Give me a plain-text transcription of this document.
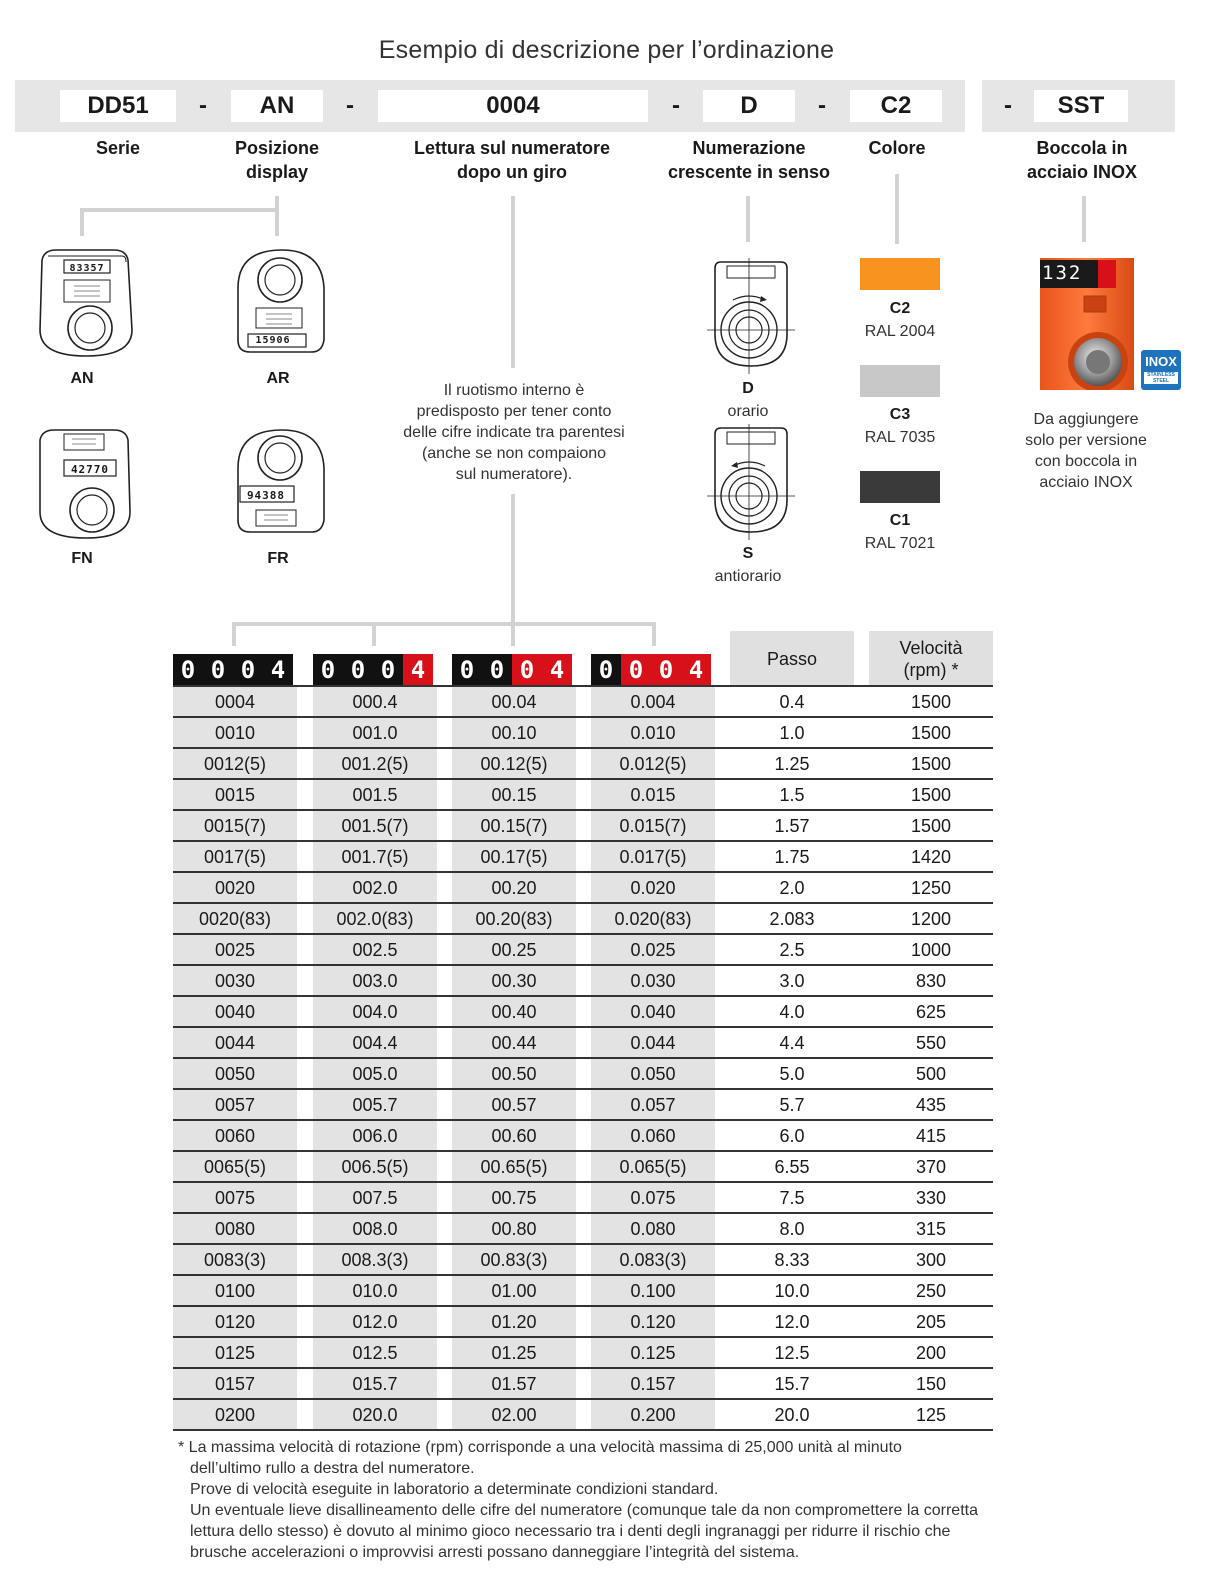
Esempio di descrizione per l’ordinazione
DD51	-	AN	-	0004	-	D	-	C2	-	SST
Serie	Posizione
display
Lettura sul numeratore
dopo un giro
Numerazione
crescente in senso
Colore	Boccola in
acciaio INOX
83357
AN
15906
AR
42770
FN
94388
FR
Il ruotismo interno è
predisposto per tener conto
delle cifre indicate tra parentesi
(anche se non compaiono
sul numeratore).
D
orario
S
antiorario
C2
RAL 2004
C3
RAL 7035
C1
RAL 7021
132
INOX
STAINLESS STEEL
Da aggiungere
solo per versione
con boccola in
acciaio INOX
0 0 0 4	0 0 0 4	0 0 0 4	0 0 0 4	Passo
Velocità
(rpm) *
0004	000.4	00.04	0.004	0.4	1500
0010	001.0	00.10	0.010	1.0	1500
0012(5)	001.2(5)	00.12(5)	0.012(5)	1.25	1500
0015	001.5	00.15	0.015	1.5	1500
0015(7)	001.5(7)	00.15(7)	0.015(7)	1.57	1500
0017(5)	001.7(5)	00.17(5)	0.017(5)	1.75	1420
0020	002.0	00.20	0.020	2.0	1250
0020(83)	002.0(83)	00.20(83)	0.020(83)	2.083	1200
0025	002.5	00.25	0.025	2.5	1000
0030	003.0	00.30	0.030	3.0	830
0040	004.0	00.40	0.040	4.0	625
0044	004.4	00.44	0.044	4.4	550
0050	005.0	00.50	0.050	5.0	500
0057	005.7	00.57	0.057	5.7	435
0060	006.0	00.60	0.060	6.0	415
0065(5)	006.5(5)	00.65(5)	0.065(5)	6.55	370
0075	007.5	00.75	0.075	7.5	330
0080	008.0	00.80	0.080	8.0	315
0083(3)	008.3(3)	00.83(3)	0.083(3)	8.33	300
0100	010.0	01.00	0.100	10.0	250
0120	012.0	01.20	0.120	12.0	205
0125	012.5	01.25	0.125	12.5	200
0157	015.7	01.57	0.157	15.7	150
0200	020.0	02.00	0.200	20.0	125

* La massima velocità di rotazione (rpm) corrisponde a una velocità massima di 25,000 unità al minuto

dell’ultimo rullo a destra del numeratore.

Prove di velocità eseguite in laboratorio a determinate condizioni standard.

Un eventuale lieve disallineamento delle cifre del numeratore (comunque tale da non compromettere la corretta

lettura dello stesso) è dovuto al minimo gioco necessario tra i denti degli ingranaggi per ridurre il rischio che

brusche accelerazioni o improvvisi arresti possano danneggiare l’integrità del sistema.
